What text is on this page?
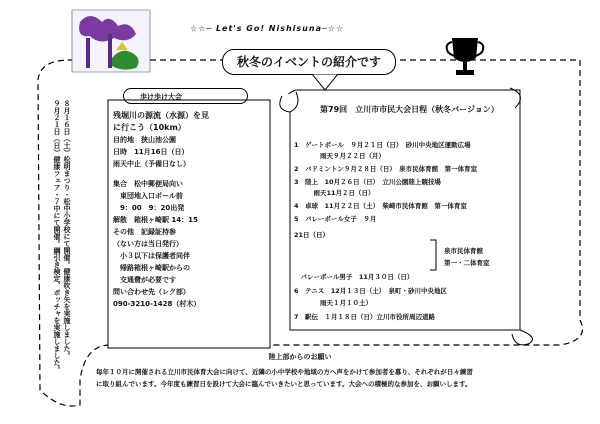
☆☆─ Let's Go! Nishisuna─☆☆
秋冬のイベントの紹介です
８月１６日（土）松明まつり・松中小学校にて開催。健康吹き矢を実施しました。
９月２１日（日）健康フェア・７中にて開催。綱引き検定、ボッチャを実施しました。
歩け歩け大会
残堀川の源流（水源）を見
に行こう（10km）
目的地　狭山池公園
日時　11月16日（日）
雨天中止（予備日なし）
集合　松中郵便局向い
　東団地入口ポール前
　9：00　9：20出発
解散　箱根ヶ崎駅 14：15
その他　記録証持参
（ない方は当日発行）
　小３以下は保護者同伴
　帰路箱根ヶ崎駅からの
　交通費が必要です
問い合わせ先（レク部）
090-3210-1428（村木）
第79回　立川市市民大会日程（秋冬バージョン）
1　ゲートボール　９月２１日（日）　砂川中央地区運動広場
　　　　雨天９月２２日（月）
2　バドミントン９月２８日（日）　泉市民体育館　第一体育室
3　陸上　10月２６日（日）　立川公園陸上競技場
　　　雨天11月２日（日）
4　卓球　11月２２日（土）　柴崎市民体育館　第一体育室
5　バレーボール女子　９月
21日（日）
泉市民体育館
第一・二体育室
　バレーボール男子　11月３０日（日）
6　テニス　12月１３日（土）　泉町・砂川中央地区
　　　　雨天１月１０土）
7　駅伝　１月１８日（日）立川市役所周辺道路
陸上部からのお願い
毎年１０月に開催される立川市民体育大会に向けて、近隣の小中学校や地域の方へ声をかけて参加者を募り、それぞれが日々練習
に取り組んでいます。今年度も練習日を設けて大会に臨んでいきたいと思っています。大会への積極的な参加を、お願いします。
